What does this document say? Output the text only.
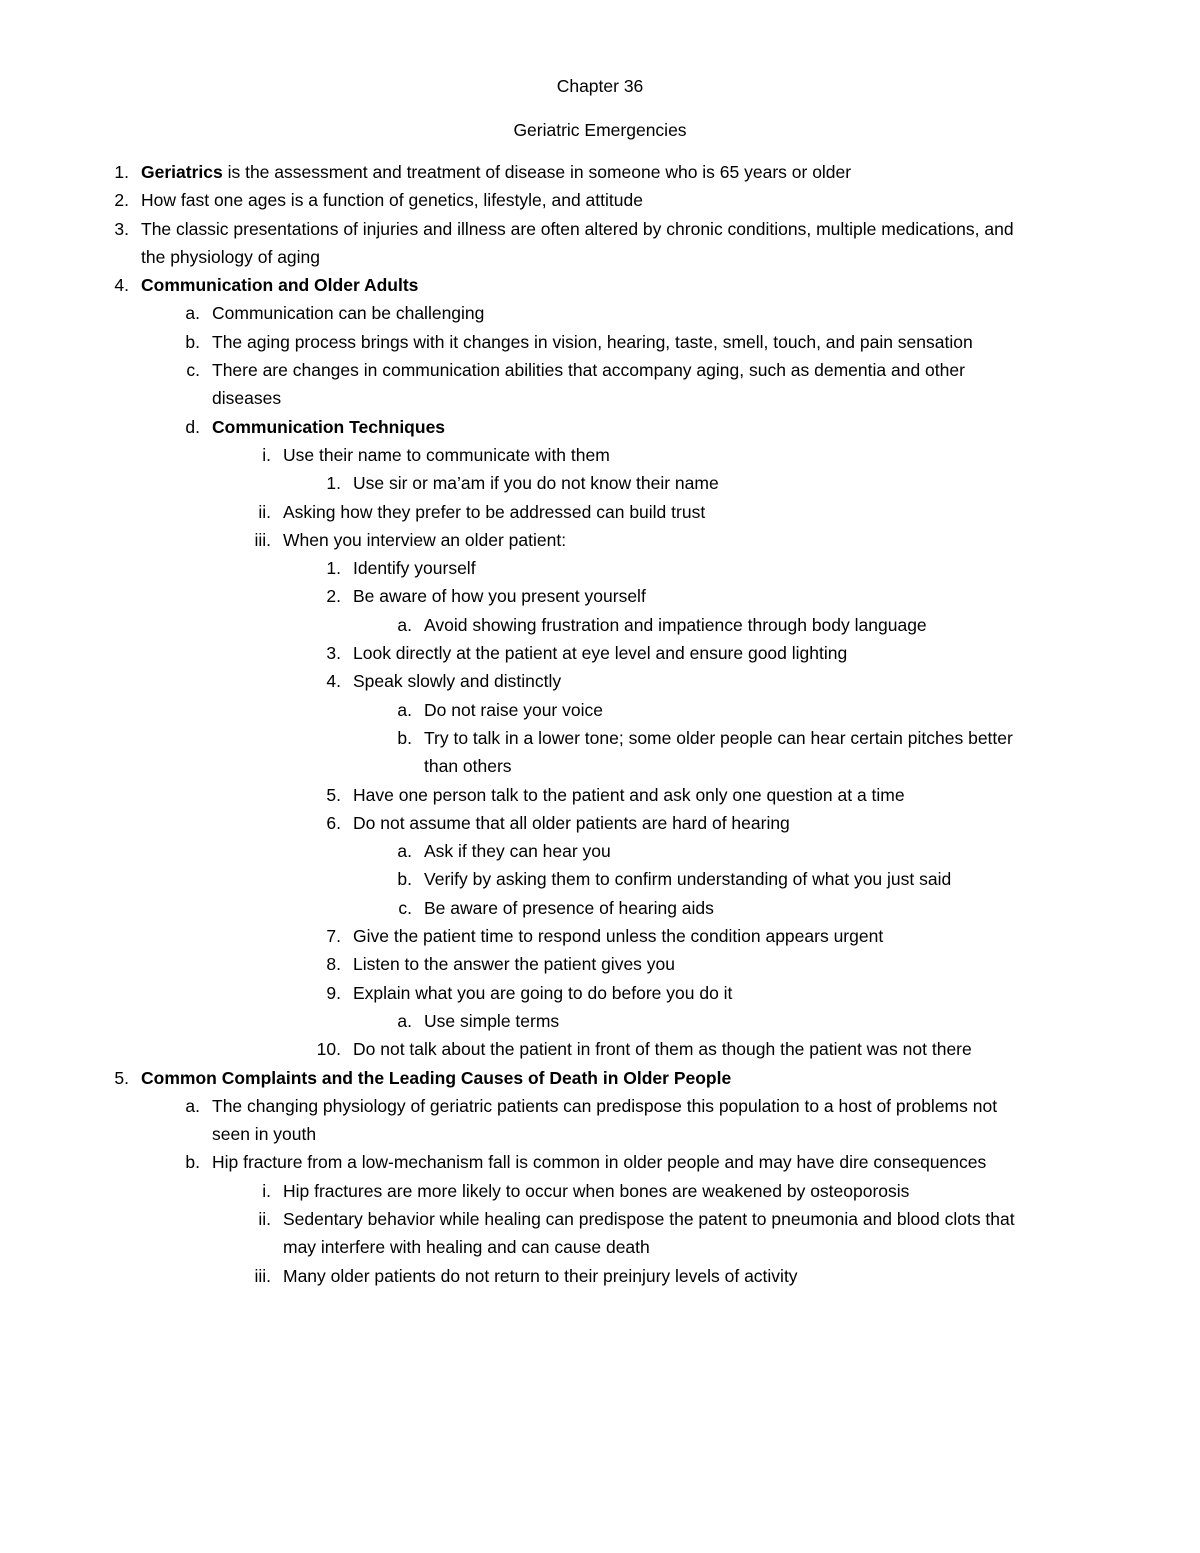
Chapter 36
Geriatric Emergencies
1. Geriatrics is the assessment and treatment of disease in someone who is 65 years or older
2. How fast one ages is a function of genetics, lifestyle, and attitude
3. The classic presentations of injuries and illness are often altered by chronic conditions, multiple medications, and
the physiology of aging
4. Communication and Older Adults
a. Communication can be challenging
b. The aging process brings with it changes in vision, hearing, taste, smell, touch, and pain sensation
c. There are changes in communication abilities that accompany aging, such as dementia and other
diseases
d. Communication Techniques
i. Use their name to communicate with them
1. Use sir or ma’am if you do not know their name
ii. Asking how they prefer to be addressed can build trust
iii. When you interview an older patient:
1. Identify yourself
2. Be aware of how you present yourself
a. Avoid showing frustration and impatience through body language
3. Look directly at the patient at eye level and ensure good lighting
4. Speak slowly and distinctly
a. Do not raise your voice
b. Try to talk in a lower tone; some older people can hear certain pitches better
than others
5. Have one person talk to the patient and ask only one question at a time
6. Do not assume that all older patients are hard of hearing
a. Ask if they can hear you
b. Verify by asking them to confirm understanding of what you just said
c. Be aware of presence of hearing aids
7. Give the patient time to respond unless the condition appears urgent
8. Listen to the answer the patient gives you
9. Explain what you are going to do before you do it
a. Use simple terms
10. Do not talk about the patient in front of them as though the patient was not there
5. Common Complaints and the Leading Causes of Death in Older People
a. The changing physiology of geriatric patients can predispose this population to a host of problems not
seen in youth
b. Hip fracture from a low-mechanism fall is common in older people and may have dire consequences
i. Hip fractures are more likely to occur when bones are weakened by osteoporosis
ii. Sedentary behavior while healing can predispose the patent to pneumonia and blood clots that
may interfere with healing and can cause death
iii. Many older patients do not return to their preinjury levels of activity
